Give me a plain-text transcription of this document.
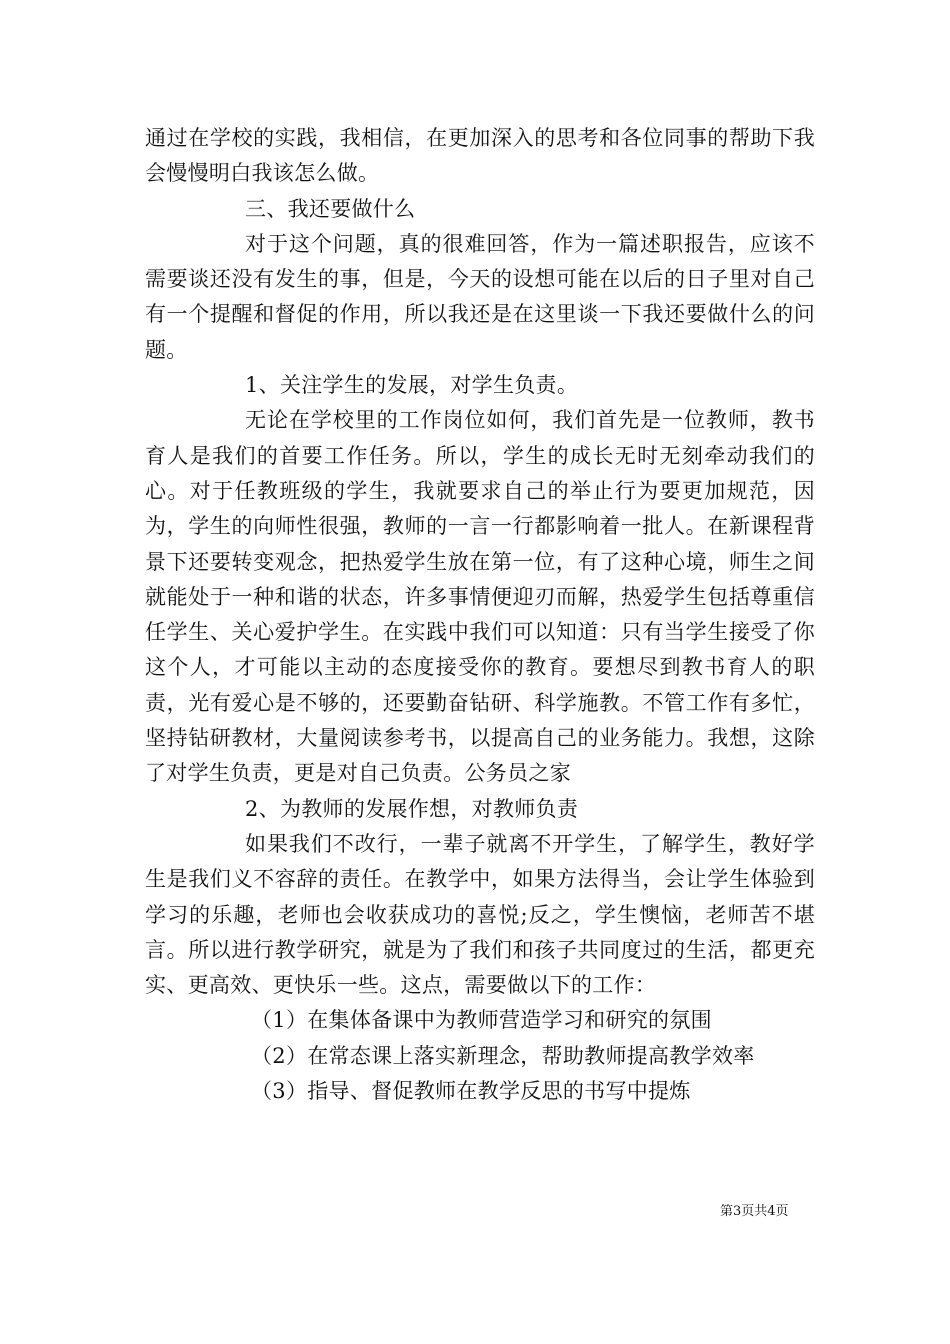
通过在学校的实践，我相信，在更加深入的思考和各位同事的帮助下我会慢慢明白我该怎么做。

三、我还要做什么

对于这个问题，真的很难回答，作为一篇述职报告，应该不需要谈还没有发生的事，但是，今天的设想可能在以后的日子里对自己有一个提醒和督促的作用，所以我还是在这里谈一下我还要做什么的问题。

1、关注学生的发展，对学生负责。

无论在学校里的工作岗位如何，我们首先是一位教师，教书育人是我们的首要工作任务。所以，学生的成长无时无刻牵动我们的心。对于任教班级的学生，我就要求自己的举止行为要更加规范，因为，学生的向师性很强，教师的一言一行都影响着一批人。在新课程背景下还要转变观念，把热爱学生放在第一位，有了这种心境，师生之间就能处于一种和谐的状态，许多事情便迎刃而解，热爱学生包括尊重信任学生、关心爱护学生。在实践中我们可以知道：只有当学生接受了你这个人，才可能以主动的态度接受你的教育。要想尽到教书育人的职责，光有爱心是不够的，还要勤奋钻研、科学施教。不管工作有多忙，坚持钻研教材，大量阅读参考书，以提高自己的业务能力。我想，这除了对学生负责，更是对自己负责。公务员之家

2、为教师的发展作想，对教师负责

如果我们不改行，一辈子就离不开学生，了解学生，教好学生是我们义不容辞的责任。在教学中，如果方法得当，会让学生体验到学习的乐趣，老师也会收获成功的喜悦;反之，学生懊恼，老师苦不堪言。所以进行教学研究，就是为了我们和孩子共同度过的生活，都更充实、更高效、更快乐一些。这点，需要做以下的工作：

（1）在集体备课中为教师营造学习和研究的氛围

（2）在常态课上落实新理念，帮助教师提高教学效率

（3）指导、督促教师在教学反思的书写中提炼

第3页共4页
